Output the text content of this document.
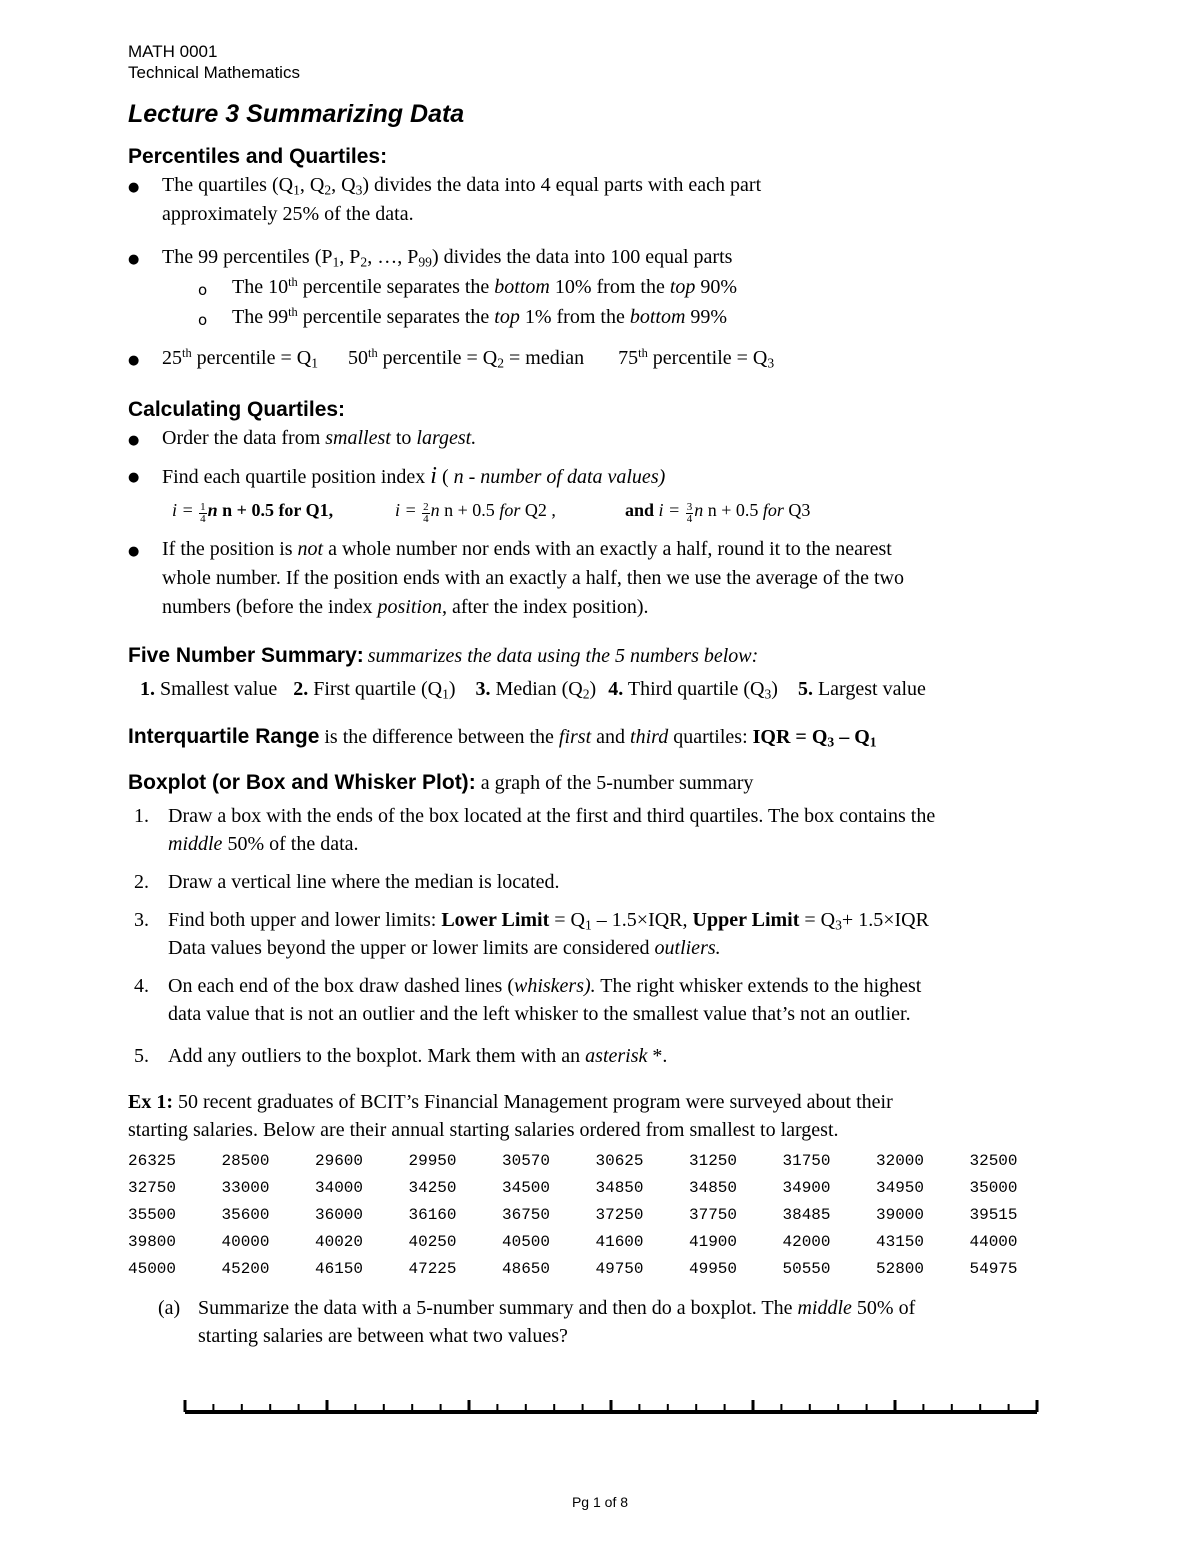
MATH 0001
Technical Mathematics
Lecture 3 Summarizing Data
Percentiles and Quartiles:
● The quartiles ($Q_1$, $Q_2$, $Q_3$) divides the data into 4 equal parts with each part
approximately 25% of the data.
● The 99 percentiles ($P_1$, $P_2$, …, $P_{99}$) divides the data into 100 equal parts
o The 10th percentile separates the bottom 10% from the top 90%
o The 99th percentile separates the top 1% from the bottom 99%
● 25th percentile = $Q_1$ 50th percentile = $Q_2$ = median 75th percentile = $Q_3$
Calculating Quartiles:
● Order the data from smallest to largest.
● Find each quartile position index i ( n - number of data values)
$i = \frac{1}{4}$ n n + 0.5 for Q1,	$i = \frac{2}{4}$ n n + 0.5 for Q2 ,	and $i = \frac{3}{4}$ n n + 0.5 for Q3
● If the position is not a whole number nor ends with an exactly a half, round it to the nearest
whole number. If the position ends with an exactly a half, then we use the average of the two
numbers (before the index position, after the index position).
Five Number Summary: summarizes the data using the 5 numbers below:
1. Smallest value 2. First quartile $(Q_1)$ 3. Median $(Q_2)$ 4. Third quartile $(Q_3)$ 5. Largest value
Interquartile Range is the difference between the first and third quartiles: IQR = $Q_3 - Q_1$
Boxplot (or Box and Whisker Plot): a graph of the 5-number summary
1. Draw a box with the ends of the box located at the first and third quartiles. The box contains the
middle 50% of the data.
2. Draw a vertical line where the median is located.
3. Find both upper and lower limits: Lower Limit = $Q_1 - 1.5\times IQR$, Upper Limit = $Q_3+ 1.5\times IQR$
Data values beyond the upper or lower limits are considered outliers.
4. On each end of the box draw dashed lines (whiskers). The right whisker extends to the highest
data value that is not an outlier and the left whisker to the smallest value that’s not an outlier.
5. Add any outliers to the boxplot. Mark them with an asterisk *.
Ex 1: 50 recent graduates of BCIT’s Financial Management program were surveyed about their
starting salaries. Below are their annual starting salaries ordered from smallest to largest.
26325	28500	29600	29950	30570	30625	31250	31750	32000	32500
32750	33000	34000	34250	34500	34850	34850	34900	34950	35000
35500	35600	36000	36160	36750	37250	37750	38485	39000	39515
39800	40000	40020	40250	40500	41600	41900	42000	43150	44000
45000	45200	46150	47225	48650	49750	49950	50550	52800	54975
(a) Summarize the data with a 5-number summary and then do a boxplot. The middle 50% of
starting salaries are between what two values?
Pg 1 of 8
